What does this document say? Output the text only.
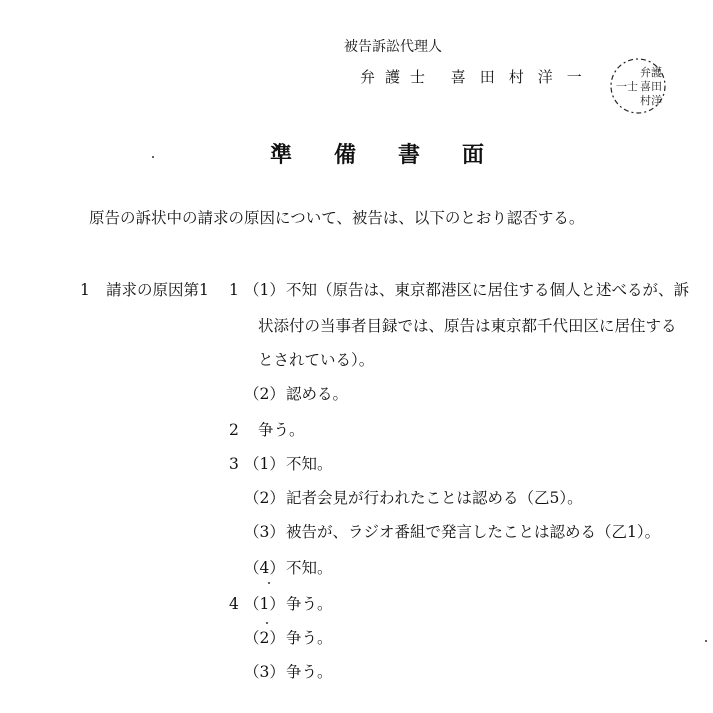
被告訴訟代理人
弁護士 喜田村洋一	弁護
喜田
村洋
一士
準 備 書 面
原告の訴状中の請求の原因について、被告は、以下のとおり認否する。
1 請求の原因第1 1 （1） 不知（原告は、東京都港区に居住する個人と述べるが、訴
状添付の当事者目録では、原告は東京都千代田区に居住する
とされている）。
（2） 認める。
2 争う。
3 （1） 不知。
（2） 記者会見が行われたことは認める（乙5）。
（3） 被告が、ラジオ番組で発言したことは認める（乙1）。
（4） 不知。
4 （1） 争う。
（2） 争う。
（3） 争う。
